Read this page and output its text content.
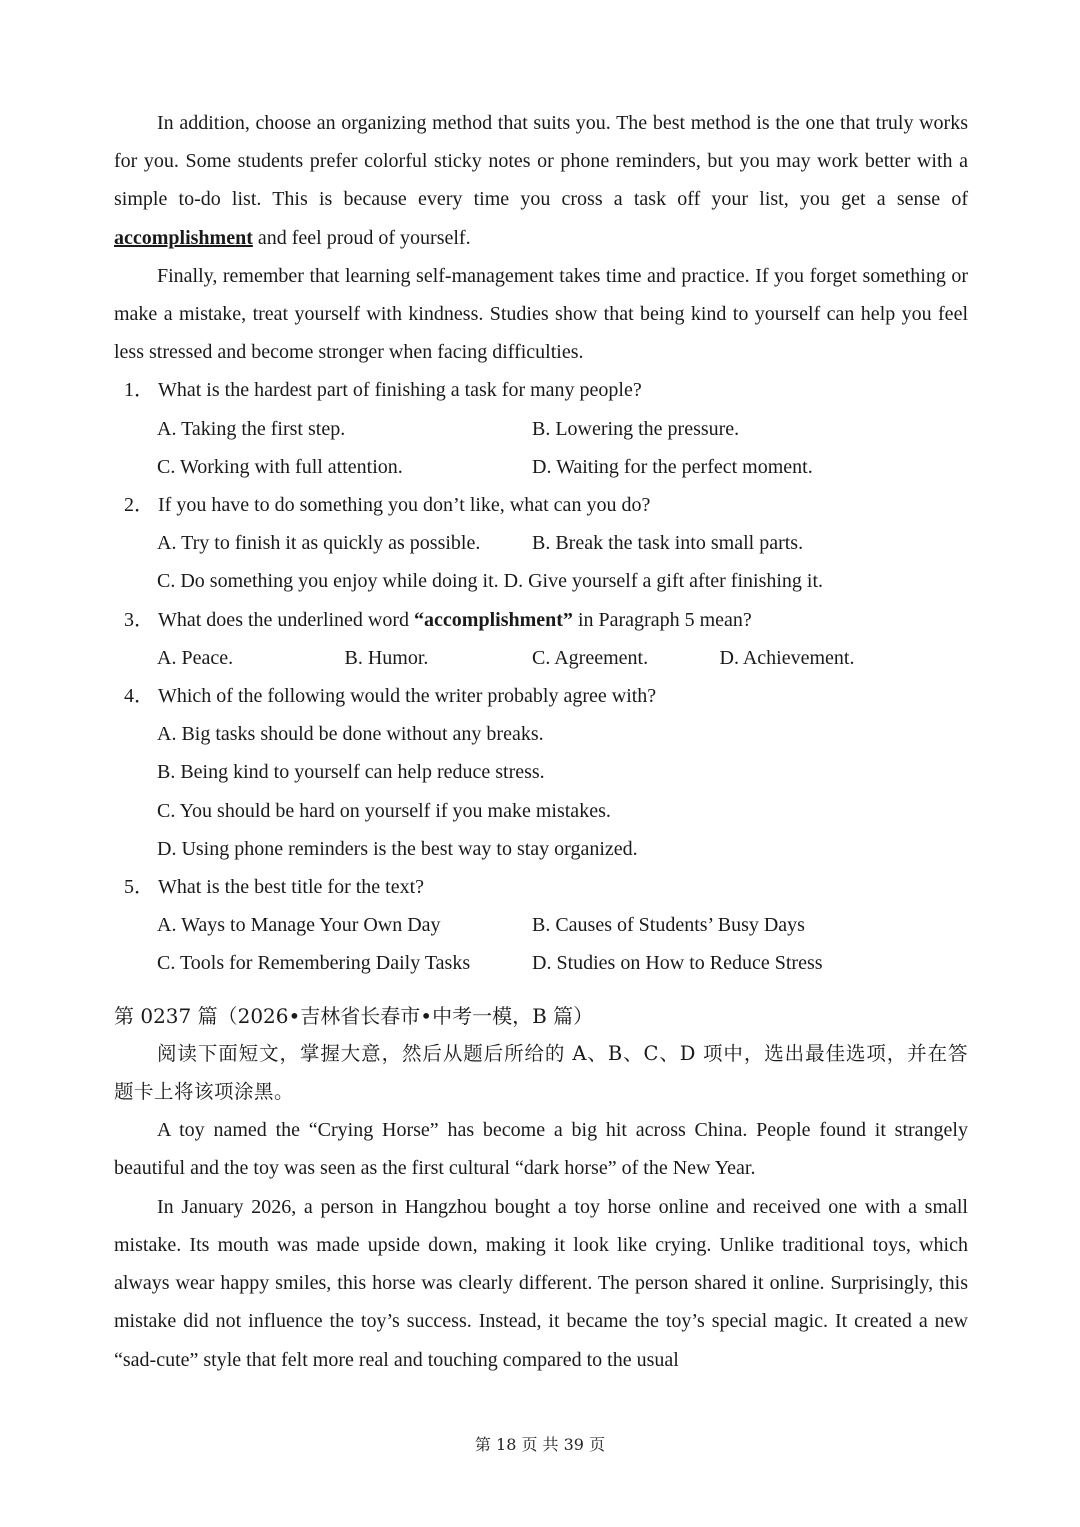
In addition, choose an organizing method that suits you. The best method is the one that truly works for you. Some students prefer colorful sticky notes or phone reminders, but you may work better with a simple to-do list. This is because every time you cross a task off your list, you get a sense of accomplishment and feel proud of yourself.

Finally, remember that learning self-management takes time and practice. If you forget something or make a mistake, treat yourself with kindness. Studies show that being kind to yourself can help you feel less stressed and become stronger when facing difficulties.

1． What is the hardest part of finishing a task for many people?
A. Taking the first step.	B. Lowering the pressure.
C. Working with full attention.	D. Waiting for the perfect moment.
2． If you have to do something you don’t like, what can you do?
A. Try to finish it as quickly as possible.	B. Break the task into small parts.
C. Do something you enjoy while doing it. D. Give yourself a gift after finishing it.
3． What does the underlined word “accomplishment” in Paragraph 5 mean?
A. Peace.	B. Humor.	C. Agreement.	D. Achievement.
4． Which of the following would the writer probably agree with?
A. Big tasks should be done without any breaks.
B. Being kind to yourself can help reduce stress.
C. You should be hard on yourself if you make mistakes.
D. Using phone reminders is the best way to stay organized.
5． What is the best title for the text?
A. Ways to Manage Your Own Day	B. Causes of Students’ Busy Days
C. Tools for Remembering Daily Tasks	D. Studies on How to Reduce Stress

第 0237 篇（2026•吉林省长春市•中考一模，B 篇）

阅读下面短文，掌握大意，然后从题后所给的 A、B、C、D 项中，选出最佳选项，并在答题卡上将该项涂黑。

A toy named the “Crying Horse” has become a big hit across China. People found it strangely beautiful and the toy was seen as the first cultural “dark horse” of the New Year.

In January 2026, a person in Hangzhou bought a toy horse online and received one with a small mistake. Its mouth was made upside down, making it look like crying. Unlike traditional toys, which always wear happy smiles, this horse was clearly different. The person shared it online. Surprisingly, this mistake did not influence the toy’s success. Instead, it became the toy’s special magic. It created a new “sad-cute” style that felt more real and touching compared to the usual

第 18 页 共 39 页
